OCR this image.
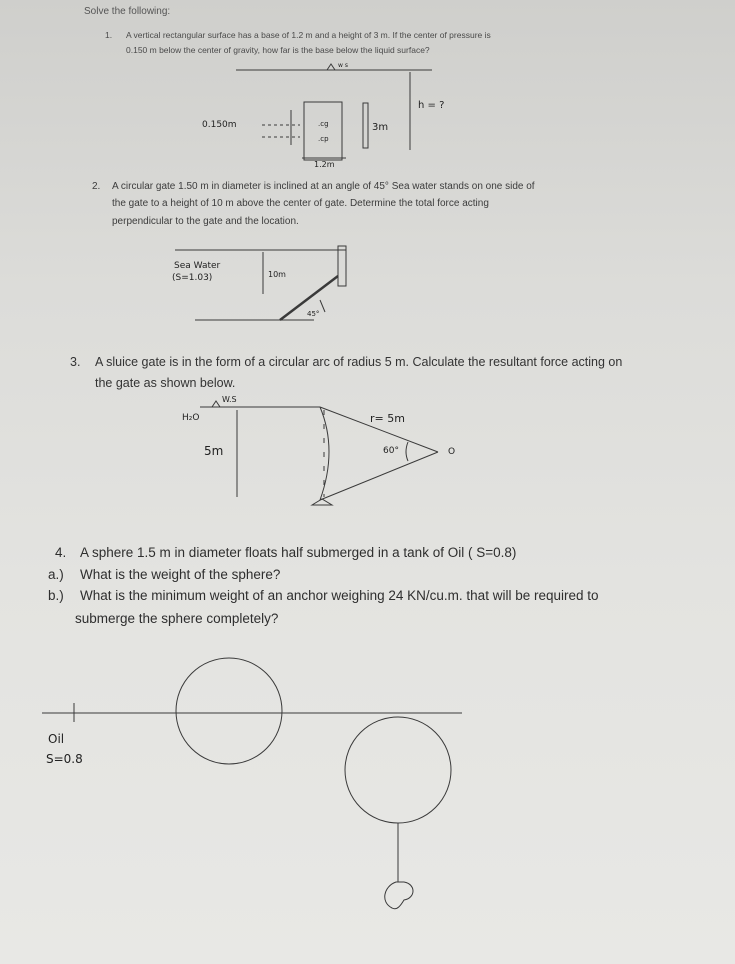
Solve the following:
1. A vertical rectangular surface has a base of 1.2 m and a height of 3 m. If the center of pressure is
0.150 m below the center of gravity, how far is the base below the liquid surface?
w s
0.150m	.cg
.cp
3m
h = ?
1.2m
2. A circular gate 1.50 m in diameter is inclined at an angle of 45° Sea water stands on one side of
the gate to a height of 10 m above the center of gate. Determine the total force acting
perpendicular to the gate and the location.
Sea Water
(S=1.03)	10m
45°
3. A sluice gate is in the form of a circular arc of radius 5 m. Calculate the resultant force acting on
the gate as shown below.
W.S
H₂O
5m
r= 5m
60°	O
4. A sphere 1.5 m in diameter floats half submerged in a tank of Oil ( S=0.8)
a.) What is the weight of the sphere?
b.) What is the minimum weight of an anchor weighing 24 KN/cu.m. that will be required to
submerge the sphere completely?
Oil
S=0.8
